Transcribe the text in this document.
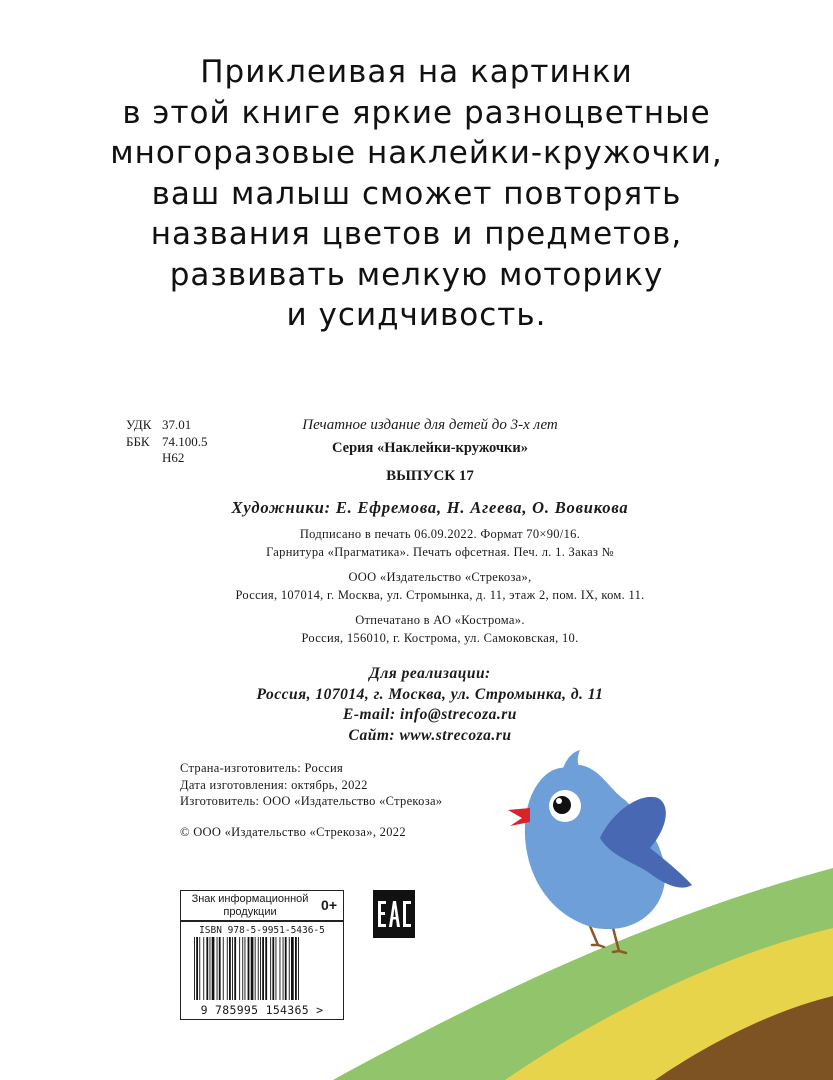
Приклеивая на картинки
в этой книге яркие разноцветные
многоразовые наклейки-кружочки,
ваш малыш сможет повторять
названия цветов и предметов,
развивать мелкую моторику
и усидчивость.
УДК 37.01
ББК 74.100.5
Н62
Печатное издание для детей до 3-х лет
Серия «Наклейки-кружочки»
ВЫПУСК 17
Художники: Е. Ефремова, Н. Агеева, О. Вовикова
Подписано в печать 06.09.2022. Формат 70×90/16.
Гарнитура «Прагматика». Печать офсетная. Печ. л. 1. Заказ №
ООО «Издательство «Стрекоза»,
Россия, 107014, г. Москва, ул. Стромынка, д. 11, этаж 2, пом. IX, ком. 11.
Отпечатано в АО «Кострома».
Россия, 156010, г. Кострома, ул. Самоковская, 10.
Для реализации:
Россия, 107014, г. Москва, ул. Стромынка, д. 11
E-mail: info@strecoza.ru
Сайт: www.strecoza.ru
Страна-изготовитель: Россия
Дата изготовления: октябрь, 2022
Изготовитель: ООО «Издательство «Стрекоза»
© ООО «Издательство «Стрекоза», 2022
Знак информационной продукции	0+
ISBN 978-5-9951-5436-5
9 785995 154365 >
